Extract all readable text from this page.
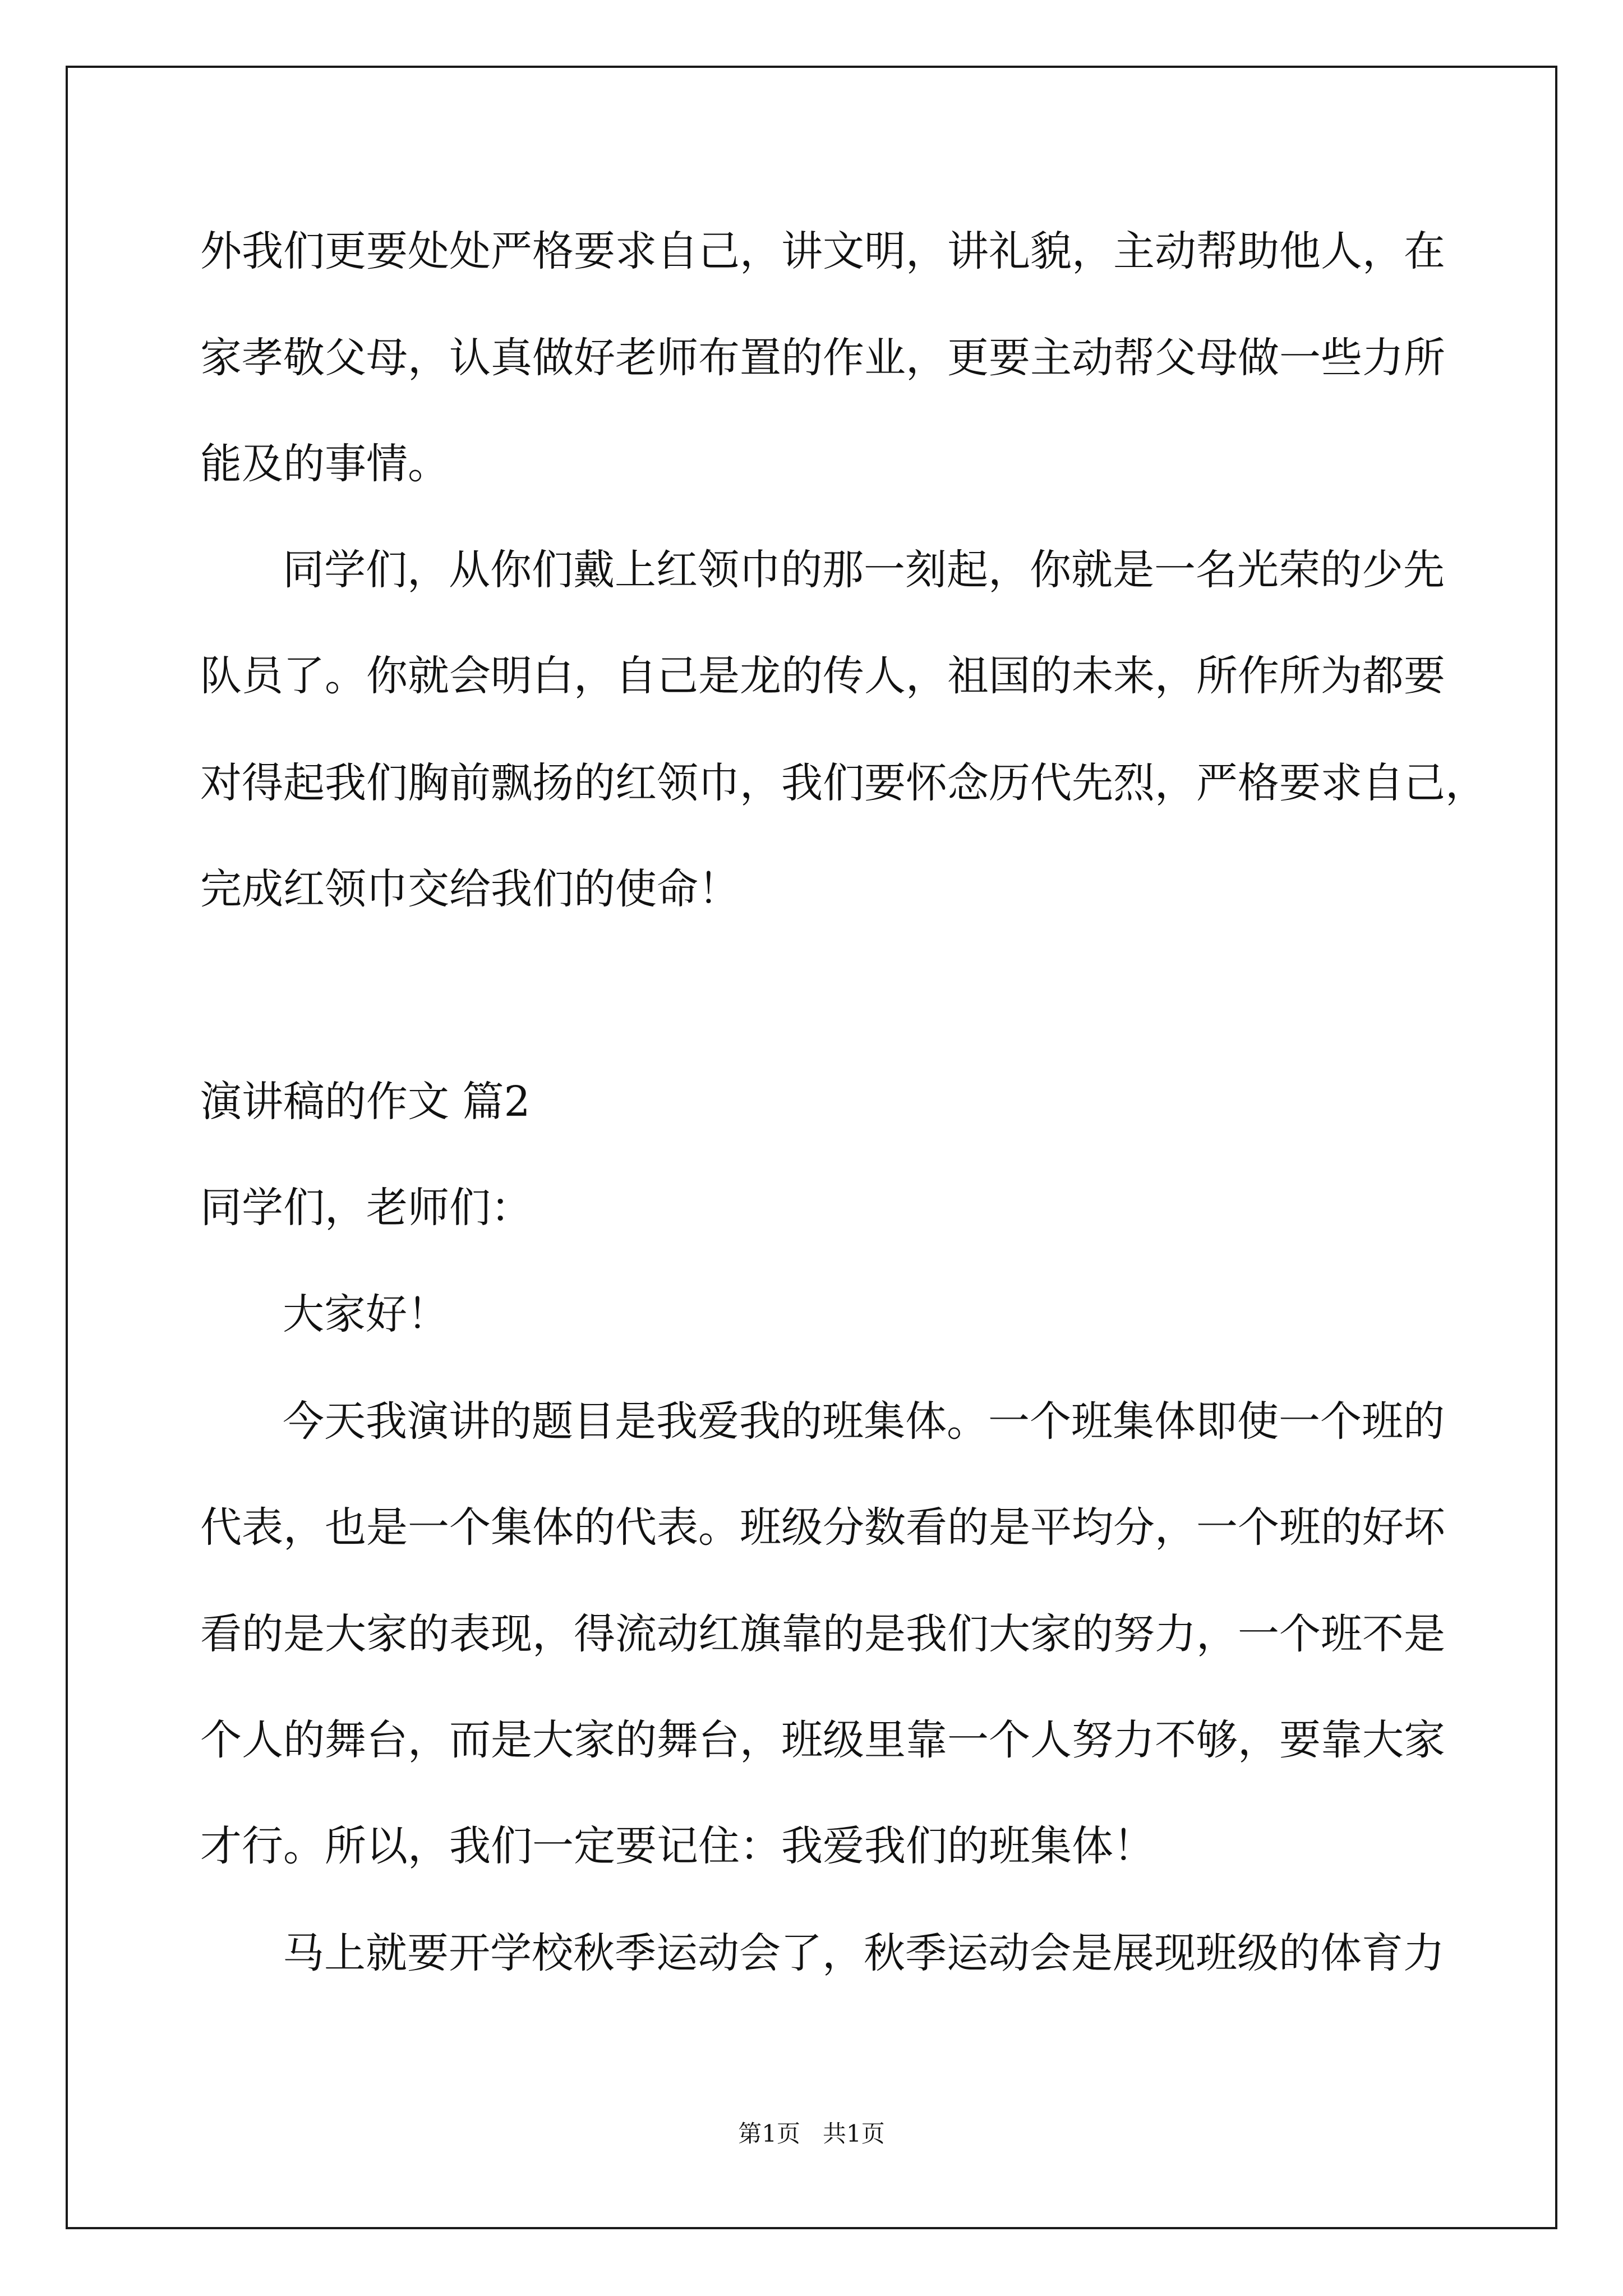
外我们更要处处严格要求自己，讲文明，讲礼貌，主动帮助他人，在

家孝敬父母，认真做好老师布置的作业，更要主动帮父母做一些力所

能及的事情。

同学们，从你们戴上红领巾的那一刻起，你就是一名光荣的少先

队员了。你就会明白，自己是龙的传人，祖国的未来，所作所为都要

对得起我们胸前飘扬的红领巾，我们要怀念历代先烈，严格要求自己，

完成红领巾交给我们的使命！

演讲稿的作文 篇2

同学们，老师们：

大家好！

今天我演讲的题目是我爱我的班集体。一个班集体即使一个班的

代表，也是一个集体的代表。班级分数看的是平均分，一个班的好坏

看的是大家的表现，得流动红旗靠的是我们大家的努力，一个班不是

个人的舞台，而是大家的舞台，班级里靠一个人努力不够，要靠大家

才行。所以，我们一定要记住：我爱我们的班集体！

马上就要开学校秋季运动会了，秋季运动会是展现班级的体育力

第1页   共1页
